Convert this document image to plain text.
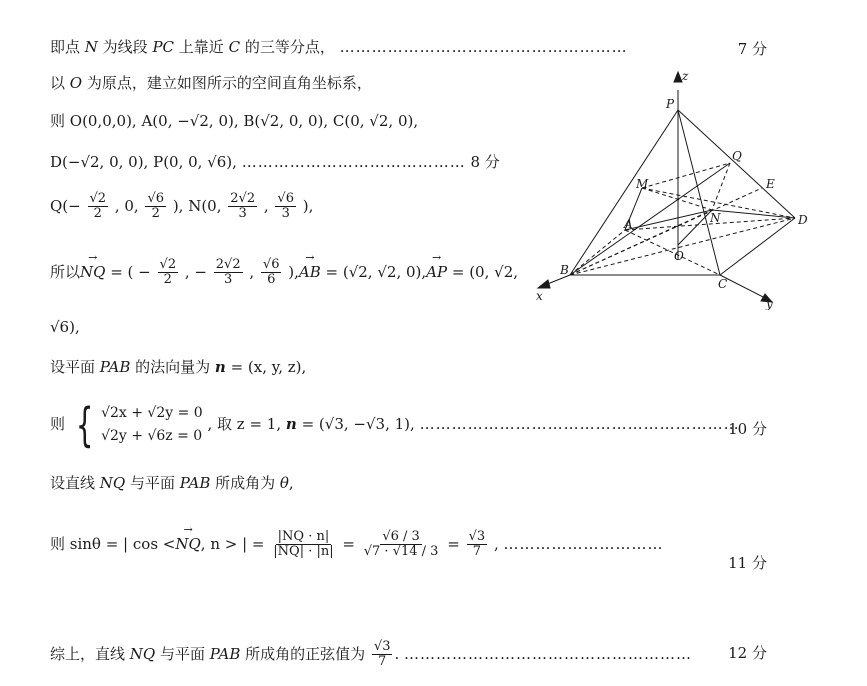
即点 N 为线段 PC 上靠近 C 的三等分点， ………………………………………………	7 分
以 O 为原点，建立如图所示的空间直角坐标系，
则 O(0,0,0), A(0, −√2, 0), B(√2, 0, 0), C(0, √2, 0),
D(−√2, 0, 0), P(0, 0, √6), …………………………………… 8 分
$Q(- \frac{√2}{2}$ , 0, $\frac{√6}{2}$ ), N(0, $\frac{2√2}{3}$ , $\frac{√6}{3}$ ),
所以→ NQ = ( − $\frac{√2}{2}$ , − $\frac{2√2}{3}$ , $\frac{√6}{6}$ ),→ AB = (√2, √2, 0),→ AP = (0, √2,
√6),
设平面 PAB 的法向量为 n = (x, y, z),
则 { √2x + √2y = 0
√2y + √6z = 0
, 取 z = 1, n = (√3, −√3, 1), ……………………………………………………
10 分
设直线 NQ 与平面 PAB 所成角为 θ,
则 sinθ = | cos <→ NQ, n > | = $\frac{|NQ \cdot n|}{|NQ| \cdot |n|} = \frac{√6 / 3}{√7 \cdot √14 / 3} = \frac{√3}{7}$ , …………………………
11 分
综上，直线 NQ 与平面 PAB 所成角的正弦值为 $\frac{√3}{7}$ . ……………………………………………… 12 分
z
P
Q
M	E
A	N	D
O
B
C
x
y
